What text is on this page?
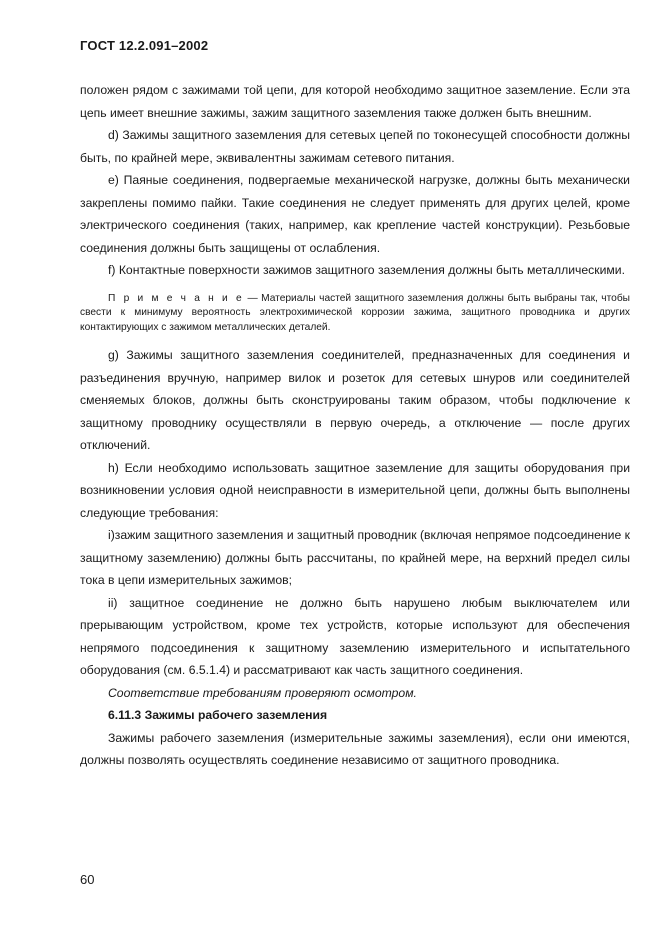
ГОСТ 12.2.091–2002

положен рядом с зажимами той цепи, для которой необходимо защитное заземление. Если эта цепь имеет внешние зажимы, зажим защитного заземления также должен быть внешним.

d) Зажимы защитного заземления для сетевых цепей по токонесущей способности должны быть, по крайней мере, эквивалентны зажимам сетевого питания.

е) Паяные соединения, подвергаемые механической нагрузке, должны быть механически закреплены помимо пайки. Такие соединения не следует применять для других целей, кроме электрического соединения (таких, например, как крепление частей конструкции). Резьбовые соединения должны быть защищены от ослабления.

f) Контактные поверхности зажимов защитного заземления должны быть металлическими.

П р и м е ч а н и е — Материалы частей защитного заземления должны быть выбраны так, чтобы свести к минимуму вероятность электрохимической коррозии зажима, защитного проводника и других контактирующих с зажимом металлических деталей.

g) Зажимы защитного заземления соединителей, предназначенных для соединения и разъединения вручную, например вилок и розеток для сетевых шнуров или соединителей сменяемых блоков, должны быть сконструированы таким образом, чтобы подключение к защитному проводнику осуществляли в первую очередь, а отключение — после других отключений.

h) Если необходимо использовать защитное заземление для защиты оборудования при возникновении условия одной неисправности в измерительной цепи, должны быть выполнены следующие требования:

i)зажим защитного заземления и защитный проводник (включая непрямое подсоединение к защитному заземлению) должны быть рассчитаны, по крайней мере, на верхний предел силы тока в цепи измерительных зажимов;

ii) защитное соединение не должно быть нарушено любым выключателем или прерывающим устройством, кроме тех устройств, которые используют для обеспечения непрямого подсоединения к защитному заземлению измерительного и испытательного оборудования (см. 6.5.1.4) и рассматривают как часть защитного соединения.

Соответствие требованиям проверяют осмотром.

6.11.3 Зажимы рабочего заземления

Зажимы рабочего заземления (измерительные зажимы заземления), если они имеются, должны позволять осуществлять соединение независимо от защитного проводника.

60
